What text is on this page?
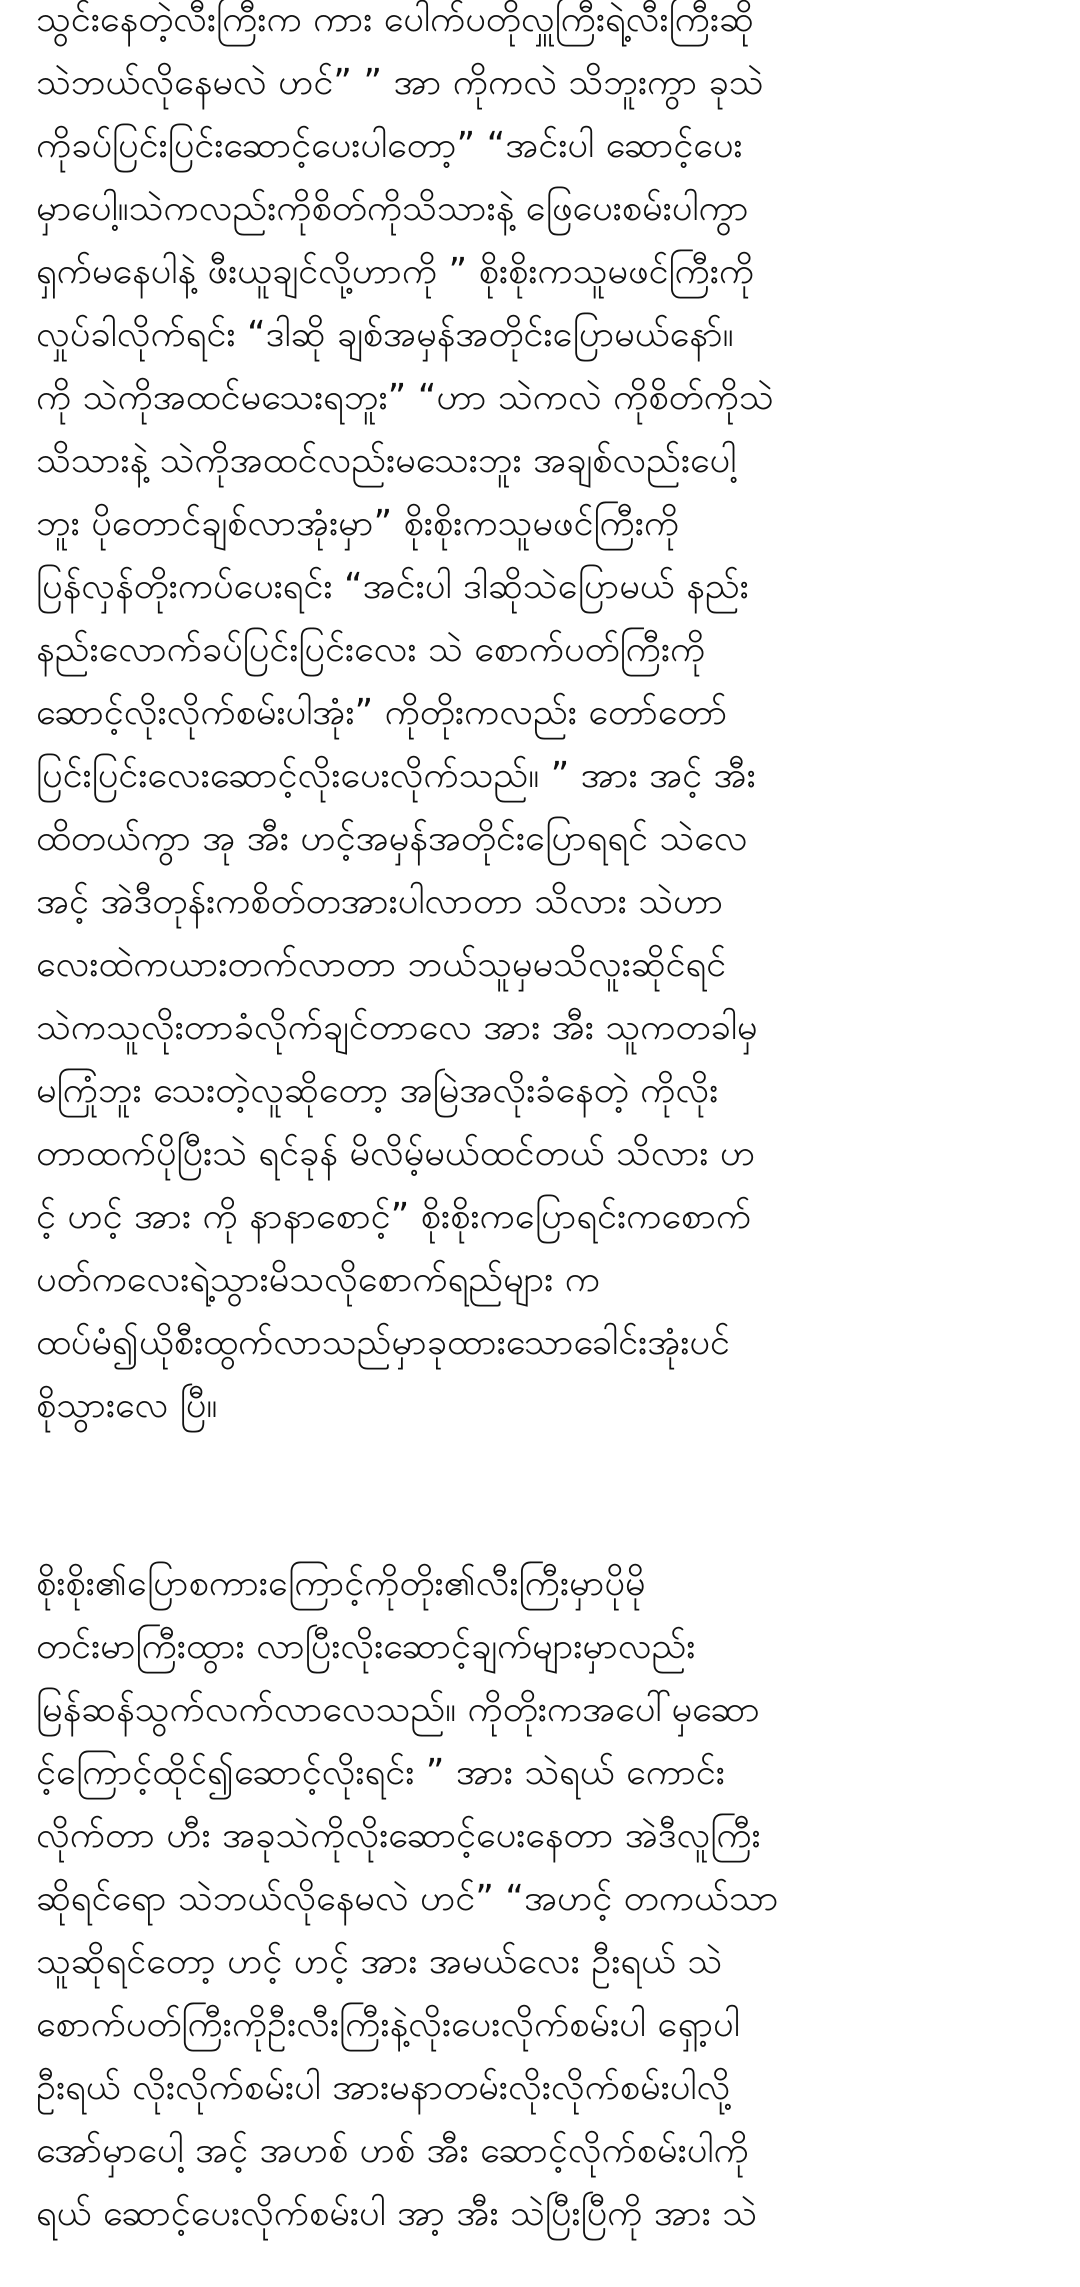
သွင်းနေတဲ့လီးကြီးက ကား ပေါက်ပတိုလှူကြီးရဲ့လီးကြီးဆို
သဲဘယ်လိုနေမလဲ ဟင်” ” အာ ကိုကလဲ သိဘူးကွာ ခုသဲ
ကိုခပ်ပြင်းပြင်းဆောင့်ပေးပါတော့” “အင်းပါ ဆောင့်ပေး
မှာပေါ့။သဲကလည်းကိုစိတ်ကိုသိသားနဲ့ ဖြေပေးစမ်းပါကွာ
ရှက်မနေပါနဲ့ ဖီးယူချင်လို့ဟာကို ” စိုးစိုးကသူမဖင်ကြီးကို
လှုပ်ခါလိုက်ရင်း “ဒါဆို ချစ်အမှန်အတိုင်းပြောမယ်နော်။
ကို သဲကိုအထင်မသေးရဘူး” “ဟာ သဲကလဲ ကိုစိတ်ကိုသဲ
သိသားနဲ့ သဲကိုအထင်လည်းမသေးဘူး အချစ်လည်းပေါ့
ဘူး ပိုတောင်ချစ်လာအုံးမှာ” စိုးစိုးကသူမဖင်ကြီးကို
ပြန်လှန်တိုးကပ်ပေးရင်း “အင်းပါ ဒါဆိုသဲပြောမယ် နည်း
နည်းလောက်ခပ်ပြင်းပြင်းလေး သဲ စောက်ပတ်ကြီးကို
ဆောင့်လိုးလိုက်စမ်းပါအုံး” ကိုတိုးကလည်း တော်တော်
ပြင်းပြင်းလေးဆောင့်လိုးပေးလိုက်သည်။ ” အား အင့် အီး
ထိတယ်ကွာ အု အီး ဟင့်အမှန်အတိုင်းပြောရရင် သဲလေ
အင့် အဲဒီတုန်းကစိတ်တအားပါလာတာ သိလား သဲဟာ
လေးထဲကယားတက်လာတာ ဘယ်သူမှမသိလူးဆိုင်ရင်
သဲကသူလိုးတာခံလိုက်ချင်တာလေ အား အီး သူကတခါမှ
မကြုံဘူး သေးတဲ့လူဆိုတော့ အမြဲအလိုးခံနေတဲ့ ကိုလိုး
တာထက်ပိုပြီးသဲ ရင်ခုန် မိလိမ့်မယ်ထင်တယ် သိလား ဟ
င့် ဟင့် အား ကို နာနာစောင့်” စိုးစိုးကပြောရင်းကစောက်
ပတ်ကလေးရဲ့သွားမိသလိုစောက်ရည်များ က
ထပ်မံ၍ယိုစီးထွက်လာသည်မှာခုထားသောခေါင်းအုံးပင်
စိုသွားလေ ပြီ။
စိုးစိုး၏ပြောစကားကြောင့်ကိုတိုး၏လီးကြီးမှာပိုမို
တင်းမာကြီးထွား လာပြီးလိုးဆောင့်ချက်များမှာလည်း
မြန်ဆန်သွက်လက်လာလေသည်။ ကိုတိုးကအပေါ်မှဆော
င့်ကြောင့်ထိုင်၍ဆောင့်လိုးရင်း ” အား သဲရယ် ကောင်း
လိုက်တာ ဟီး အခုသဲကိုလိုးဆောင့်ပေးနေတာ အဲဒီလူကြီး
ဆိုရင်ရော သဲဘယ်လိုနေမလဲ ဟင်” “အဟင့် တကယ်သာ
သူဆိုရင်တော့ ဟင့် ဟင့် အား အမယ်လေး ဦးရယ် သဲ
စောက်ပတ်ကြီးကိုဦးလီးကြီးနဲ့လိုးပေးလိုက်စမ်းပါ ရှော့ပါ
ဦးရယ် လိုးလိုက်စမ်းပါ အားမနာတမ်းလိုးလိုက်စမ်းပါလို့
အော်မှာပေါ့ အင့် အဟစ် ဟစ် အီး ဆောင့်လိုက်စမ်းပါကို
ရယ် ဆောင့်ပေးလိုက်စမ်းပါ အာ့ အီး သဲပြီးပြီကို အား သဲ
